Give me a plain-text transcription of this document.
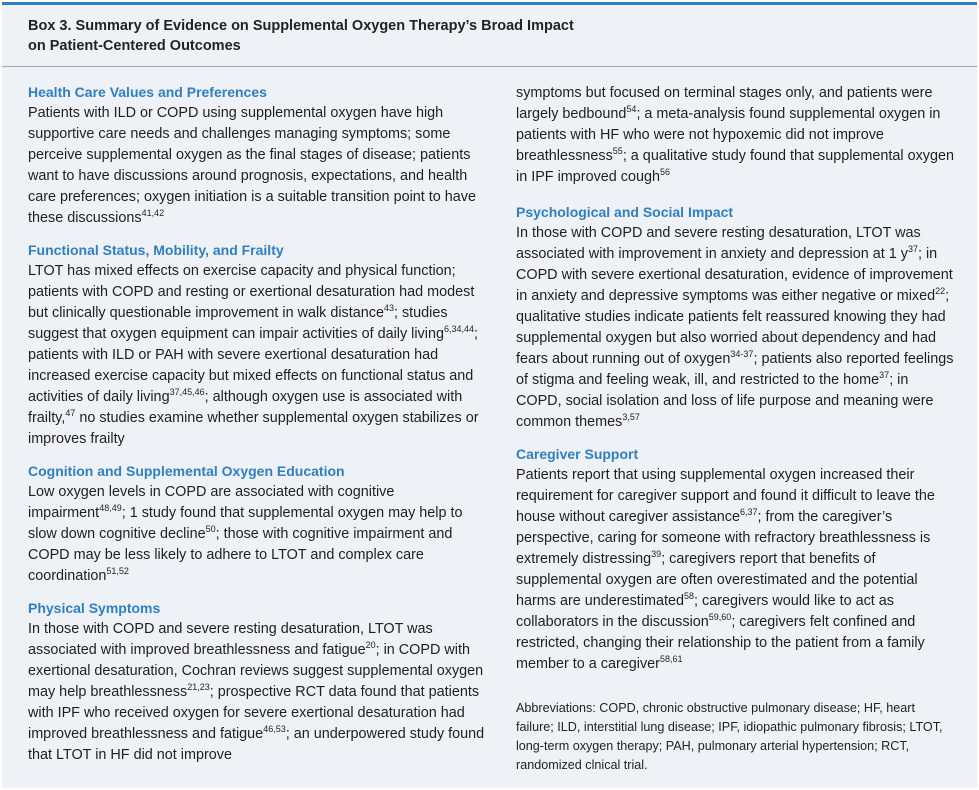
Box 3. Summary of Evidence on Supplemental Oxygen Therapy’s Broad Impact
on Patient-Centered Outcomes
Health Care Values and Preferences

Patients with ILD or COPD using supplemental oxygen have high supportive care needs and challenges managing symptoms; some perceive supplemental oxygen as the final stages of disease; patients want to have discussions around prognosis, expectations, and health care preferences; oxygen initiation is a suitable transition point to have these discussions$^{41,42}$

Functional Status, Mobility, and Frailty

LTOT has mixed effects on exercise capacity and physical function; patients with COPD and resting or exertional desaturation had modest but clinically questionable improvement in walk distance$^{43}$; studies suggest that oxygen equipment can impair activities of daily living$^{6,34,44}$; patients with ILD or PAH with severe exertional desaturation had increased exercise capacity but mixed effects on functional status and activities of daily living$^{37,45,46}$; although oxygen use is associated with frailty,$^{47}$ no studies examine whether supplemental oxygen stabilizes or improves frailty

Cognition and Supplemental Oxygen Education

Low oxygen levels in COPD are associated with cognitive impairment$^{48,49}$; 1 study found that supplemental oxygen may help to slow down cognitive decline$^{50}$; those with cognitive impairment and COPD may be less likely to adhere to LTOT and complex care coordination$^{51,52}$

Physical Symptoms

In those with COPD and severe resting desaturation, LTOT was associated with improved breathlessness and fatigue$^{20}$; in COPD with exertional desaturation, Cochran reviews suggest supplemental oxygen may help breathlessness$^{21,23}$; prospective RCT data found that patients with IPF who received oxygen for severe exertional desaturation had improved breathlessness and fatigue$^{46,53}$; an underpowered study found that LTOT in HF did not improve

symptoms but focused on terminal stages only, and patients were largely bedbound$^{54}$; a meta-analysis found supplemental oxygen in patients with HF who were not hypoxemic did not improve breathlessness$^{55}$; a qualitative study found that supplemental oxygen in IPF improved cough$^{56}$

Psychological and Social Impact

In those with COPD and severe resting desaturation, LTOT was associated with improvement in anxiety and depression at 1 $y^{37}$; in COPD with severe exertional desaturation, evidence of improvement in anxiety and depressive symptoms was either negative or mixed$^{22}$; qualitative studies indicate patients felt reassured knowing they had supplemental oxygen but also worried about dependency and had fears about running out of oxygen$^{34-37}$; patients also reported feelings of stigma and feeling weak, ill, and restricted to the home$^{37}$; in COPD, social isolation and loss of life purpose and meaning were common themes$^{3,57}$

Caregiver Support

Patients report that using supplemental oxygen increased their requirement for caregiver support and found it difficult to leave the house without caregiver assistance$^{6,37}$; from the caregiver’s perspective, caring for someone with refractory breathlessness is extremely distressing$^{39}$; caregivers report that benefits of supplemental oxygen are often overestimated and the potential harms are underestimated$^{58}$; caregivers would like to act as collaborators in the discussion$^{59,60}$; caregivers felt confined and restricted, changing their relationship to the patient from a family member to a caregiver$^{58,61}$

Abbreviations: COPD, chronic obstructive pulmonary disease; HF, heart failure; ILD, interstitial lung disease; IPF, idiopathic pulmonary fibrosis; LTOT, long-term oxygen therapy; PAH, pulmonary arterial hypertension; RCT, randomized clnical trial.
